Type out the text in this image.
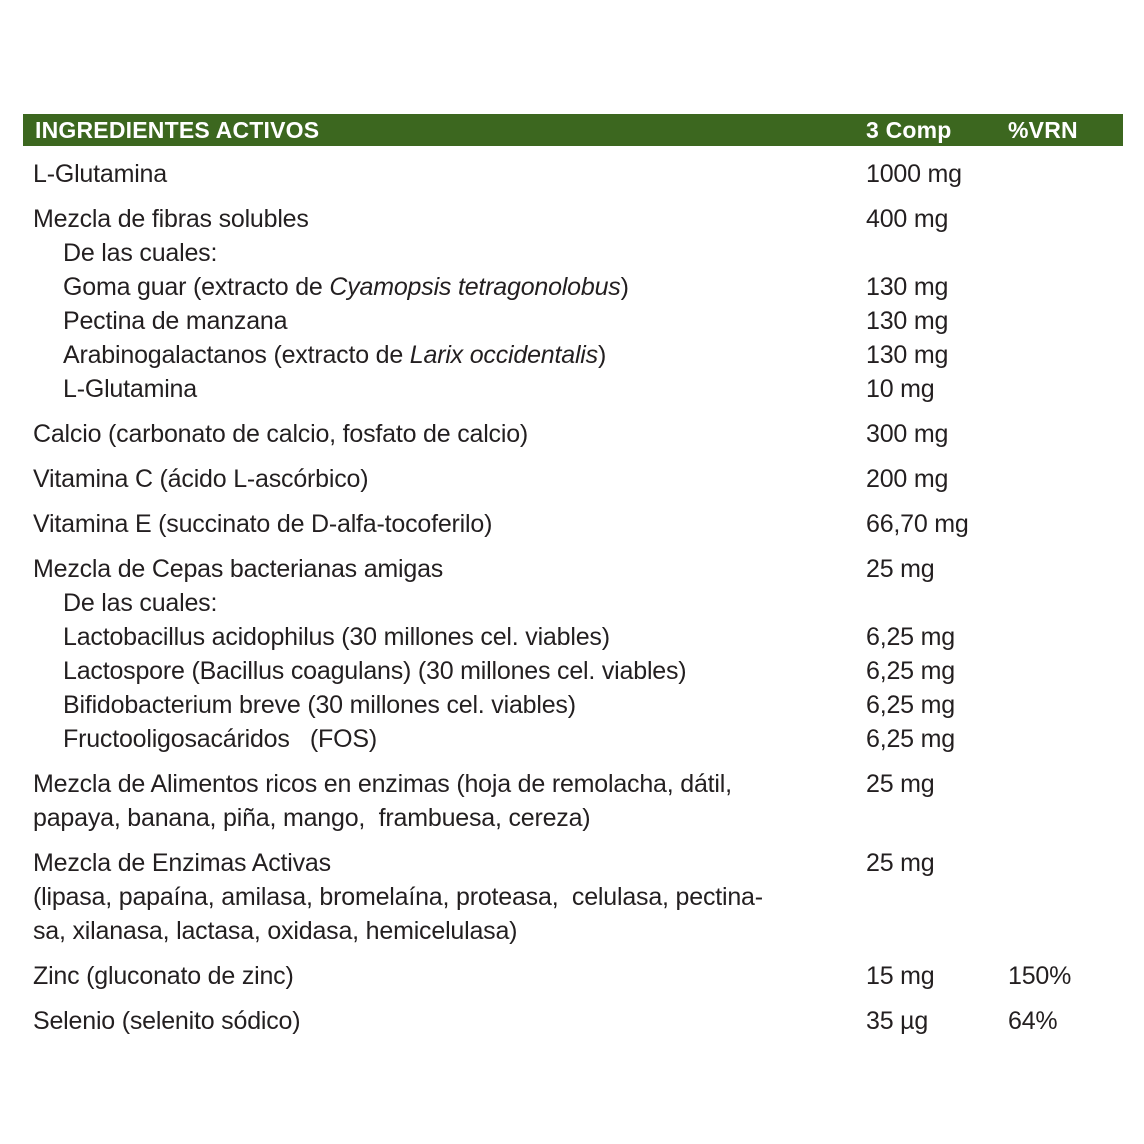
INGREDIENTES ACTIVOS	3 Comp	%VRN
L-Glutamina	1000 mg
Mezcla de fibras solubles	400 mg
De las cuales:
Goma guar (extracto de Cyamopsis tetragonolobus)	130 mg
Pectina de manzana	130 mg
Arabinogalactanos (extracto de Larix occidentalis)	130 mg
L-Glutamina	10 mg
Calcio (carbonato de calcio, fosfato de calcio)	300 mg
Vitamina C (ácido L-ascórbico)	200 mg
Vitamina E (succinato de D-alfa-tocoferilo)	66,70 mg
Mezcla de Cepas bacterianas amigas	25 mg
De las cuales:
Lactobacillus acidophilus (30 millones cel. viables)	6,25 mg
Lactospore (Bacillus coagulans) (30 millones cel. viables)	6,25 mg
Bifidobacterium breve (30 millones cel. viables)	6,25 mg
Fructooligosacáridos   (FOS)	6,25 mg
Mezcla de Alimentos ricos en enzimas (hoja de remolacha, dátil,	25 mg
papaya, banana, piña, mango,  frambuesa, cereza)
Mezcla de Enzimas Activas	25 mg
(lipasa, papaína, amilasa, bromelaína, proteasa,  celulasa, pectina-
sa, xilanasa, lactasa, oxidasa, hemicelulasa)
Zinc (gluconato de zinc)	15 mg	150%
Selenio (selenito sódico)	35 µg	64%
